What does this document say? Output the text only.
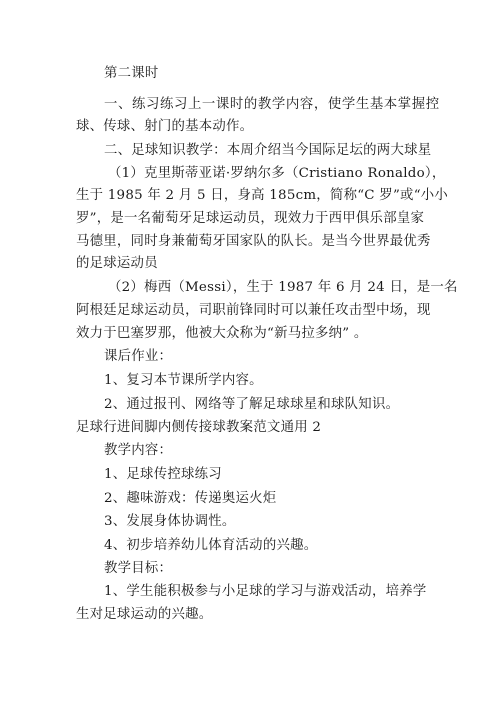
第二课时
一、练习练习上一课时的教学内容，使学生基本掌握控
球、传球、射门的基本动作。
二、足球知识教学：本周介绍当今国际足坛的两大球星
（1）克里斯蒂亚诺·罗纳尔多（Cristiano Ronaldo），
生于 1985 年 2 月 5 日，身高 185cm，简称“C 罗”或“小小
罗”，是一名葡萄牙足球运动员，现效力于西甲俱乐部皇家
马德里，同时身兼葡萄牙国家队的队长。是当今世界最优秀
的足球运动员
（2）梅西（Messi），生于 1987 年 6 月 24 日，是一名
阿根廷足球运动员，司职前锋同时可以兼任攻击型中场，现
效力于巴塞罗那，他被大众称为“新马拉多纳” 。
课后作业：
1、复习本节课所学内容。
2、通过报刊、网络等了解足球球星和球队知识。
足球行进间脚内侧传接球教案范文通用 2
教学内容：
1、足球传控球练习
2、趣味游戏：传递奥运火炬
3、发展身体协调性。
4、初步培养幼儿体育活动的兴趣。
教学目标：
1、学生能积极参与小足球的学习与游戏活动，培养学
生对足球运动的兴趣。
